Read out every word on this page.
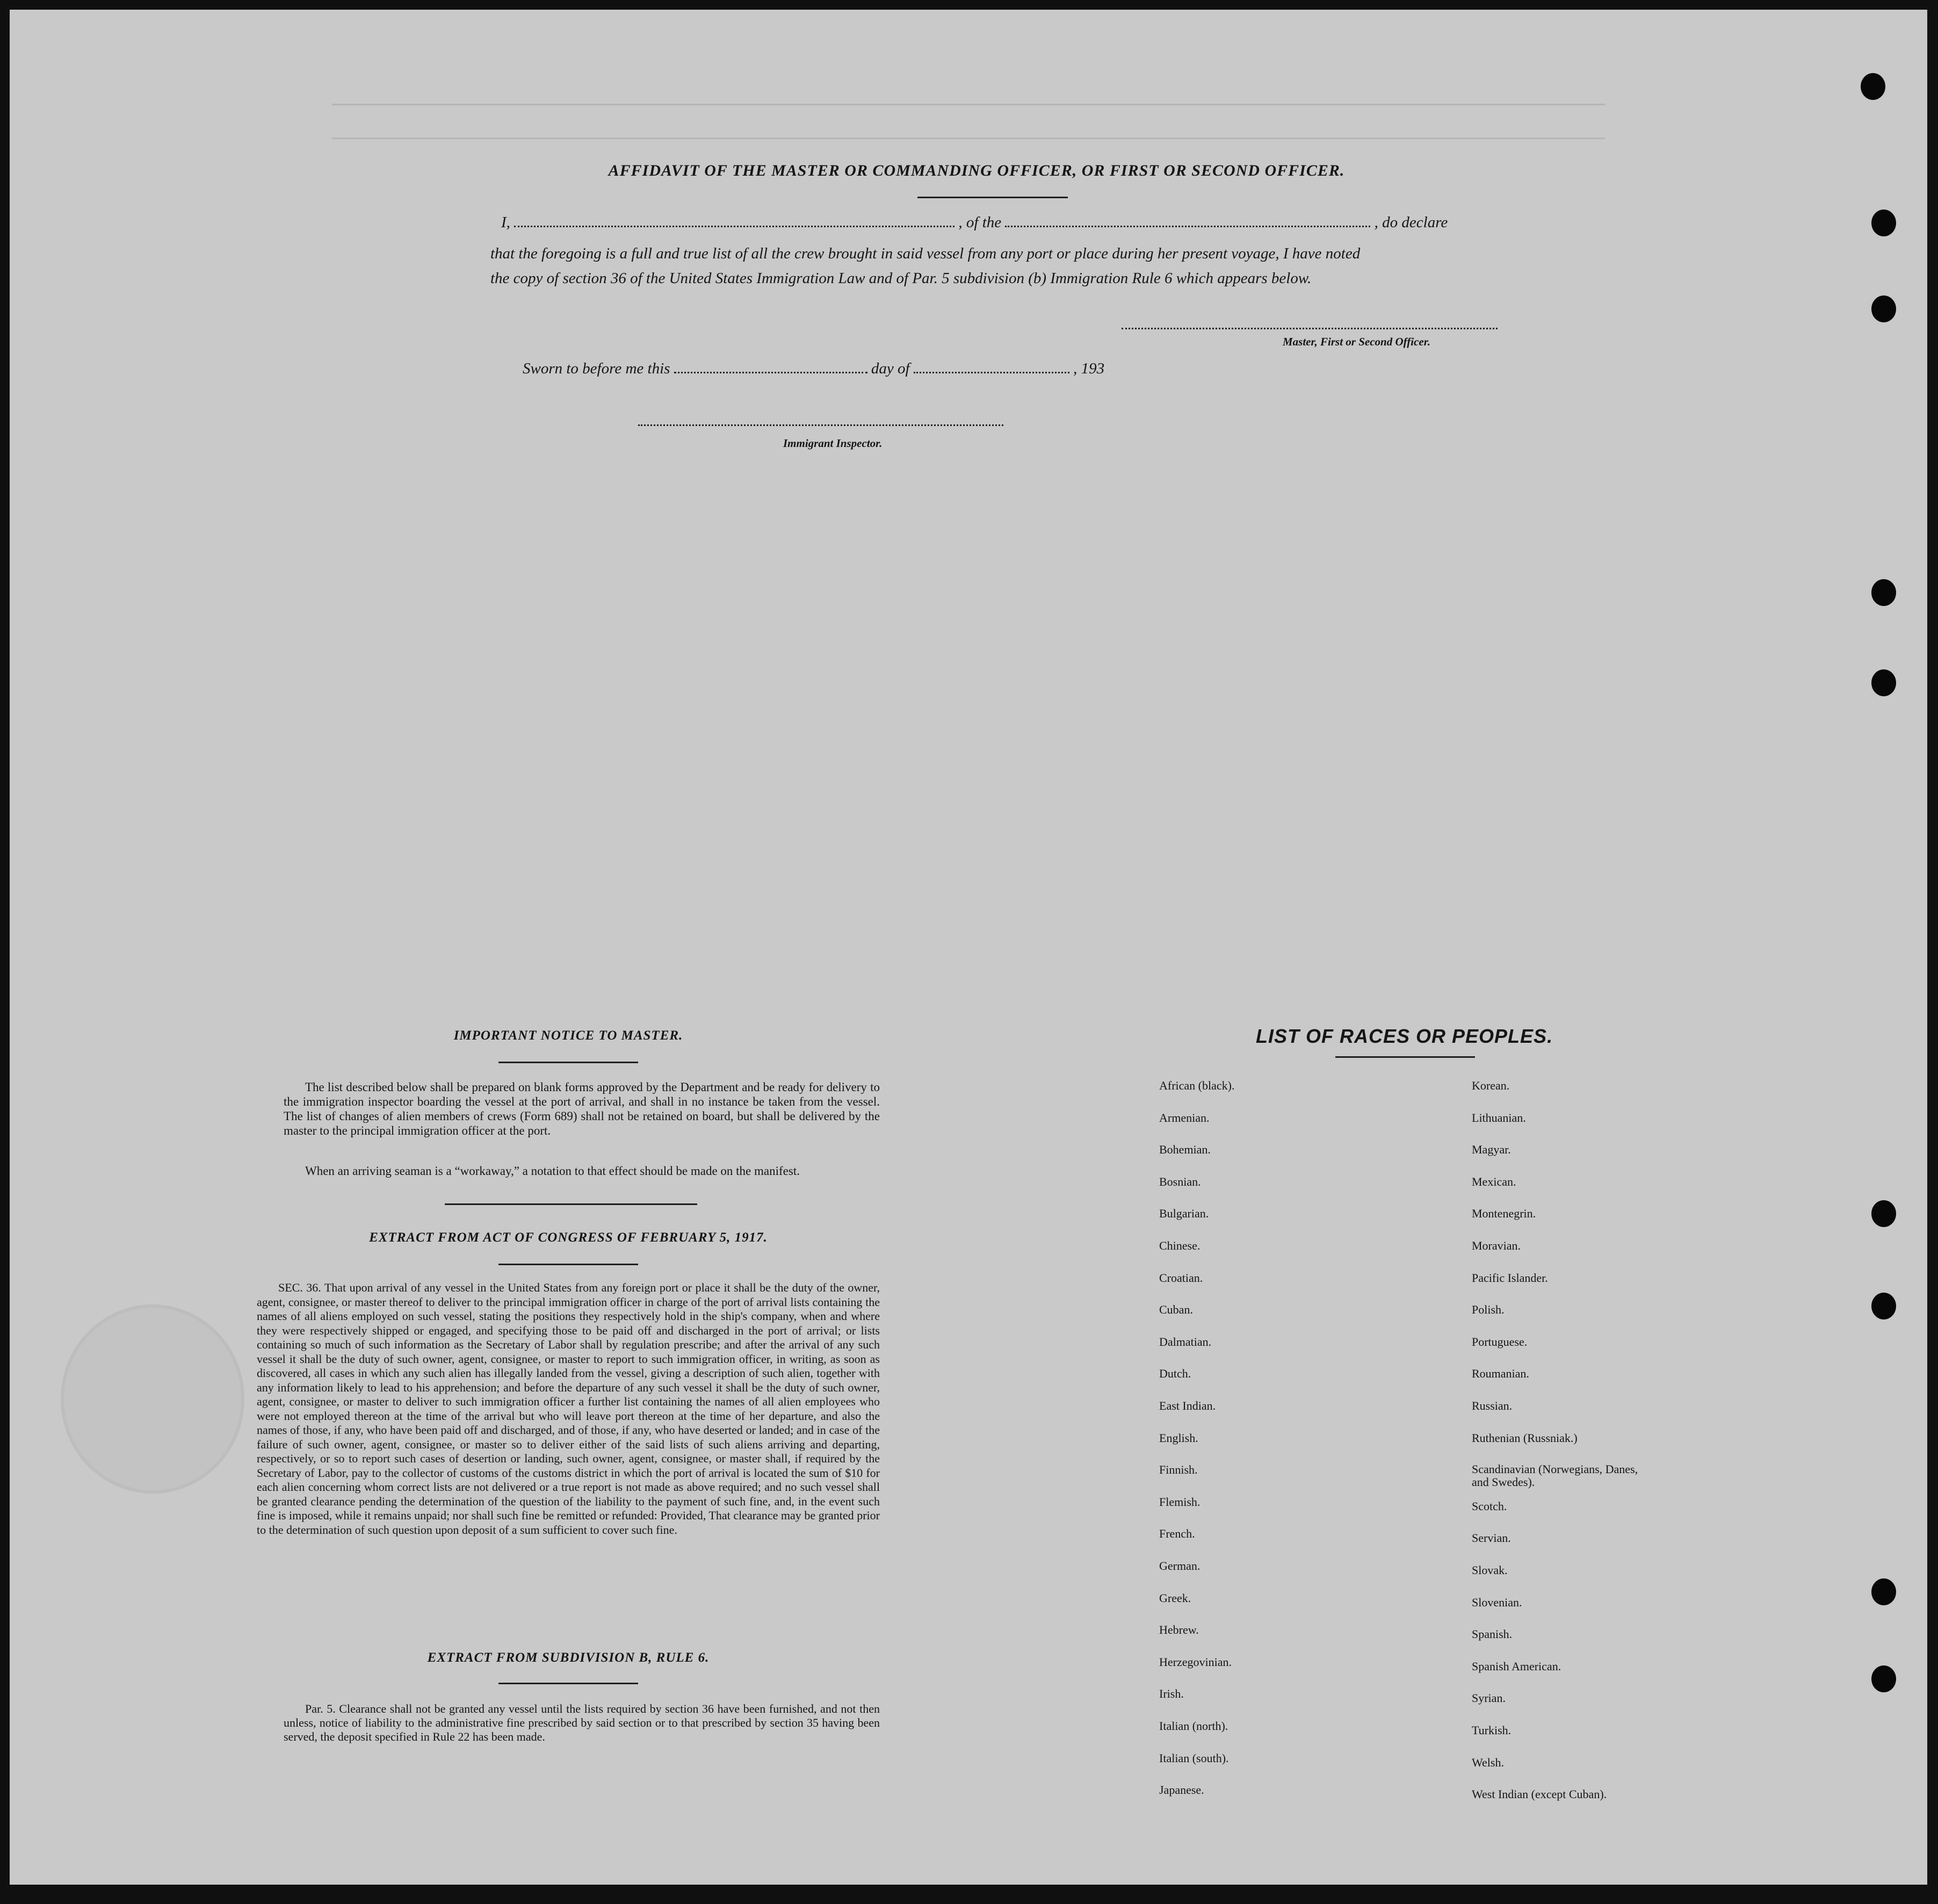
AFFIDAVIT OF THE MASTER OR COMMANDING OFFICER, OR FIRST OR SECOND OFFICER.
I,	, of the	, do declare
that the foregoing is a full and true list of all the crew brought in said vessel from any port or place during her present voyage, I have noted
the copy of section 36 of the United States Immigration Law and of Par. 5 subdivision (b) Immigration Rule 6 which appears below.
Master, First or Second Officer.
Sworn to before me this	day of	, 193
Immigrant Inspector.
IMPORTANT NOTICE TO MASTER.
The list described below shall be prepared on blank forms approved by the Department and be ready for delivery to the immigration inspector boarding the vessel at the port of arrival, and shall in no instance be taken from the vessel. The list of changes of alien members of crews (Form 689) shall not be retained on board, but shall be delivered by the master to the principal immigration officer at the port.
When an arriving seaman is a “workaway,” a notation to that effect should be made on the manifest.
EXTRACT FROM ACT OF CONGRESS OF FEBRUARY 5, 1917.
SEC. 36. That upon arrival of any vessel in the United States from any foreign port or place it shall be the duty of the owner, agent, consignee, or master thereof to deliver to the principal immigration officer in charge of the port of arrival lists containing the names of all aliens employed on such vessel, stating the positions they respectively hold in the ship's company, when and where they were respectively shipped or engaged, and specifying those to be paid off and discharged in the port of arrival; or lists containing so much of such information as the Secretary of Labor shall by regulation prescribe; and after the arrival of any such vessel it shall be the duty of such owner, agent, consignee, or master to report to such immigration officer, in writing, as soon as discovered, all cases in which any such alien has illegally landed from the vessel, giving a description of such alien, together with any information likely to lead to his apprehension; and before the departure of any such vessel it shall be the duty of such owner, agent, consignee, or master to deliver to such immigration officer a further list containing the names of all alien employees who were not employed thereon at the time of the arrival but who will leave port thereon at the time of her departure, and also the names of those, if any, who have been paid off and discharged, and of those, if any, who have deserted or landed; and in case of the failure of such owner, agent, consignee, or master so to deliver either of the said lists of such aliens arriving and departing, respectively, or so to report such cases of desertion or landing, such owner, agent, consignee, or master shall, if required by the Secretary of Labor, pay to the collector of customs of the customs district in which the port of arrival is located the sum of $10 for each alien concerning whom correct lists are not delivered or a true report is not made as above required; and no such vessel shall be granted clearance pending the determination of the question of the liability to the payment of such fine, and, in the event such fine is imposed, while it remains unpaid; nor shall such fine be remitted or refunded: Provided, That clearance may be granted prior to the determination of such question upon deposit of a sum sufficient to cover such fine.
EXTRACT FROM SUBDIVISION B, RULE 6.
Par. 5. Clearance shall not be granted any vessel until the lists required by section 36 have been furnished, and not then unless, notice of liability to the administrative fine prescribed by said section or to that prescribed by section 35 having been served, the deposit specified in Rule 22 has been made.
LIST OF RACES OR PEOPLES.
African (black).
Armenian.
Bohemian.
Bosnian.
Bulgarian.
Chinese.
Croatian.
Cuban.
Dalmatian.
Dutch.
East Indian.
English.
Finnish.
Flemish.
French.
German.
Greek.
Hebrew.
Herzegovinian.
Irish.
Italian (north).
Italian (south).
Japanese.
Korean.
Lithuanian.
Magyar.
Mexican.
Montenegrin.
Moravian.
Pacific Islander.
Polish.
Portuguese.
Roumanian.
Russian.
Ruthenian (Russniak.)
Scandinavian (Norwegians, Danes, and Swedes).
Scotch.
Servian.
Slovak.
Slovenian.
Spanish.
Spanish American.
Syrian.
Turkish.
Welsh.
West Indian (except Cuban).
